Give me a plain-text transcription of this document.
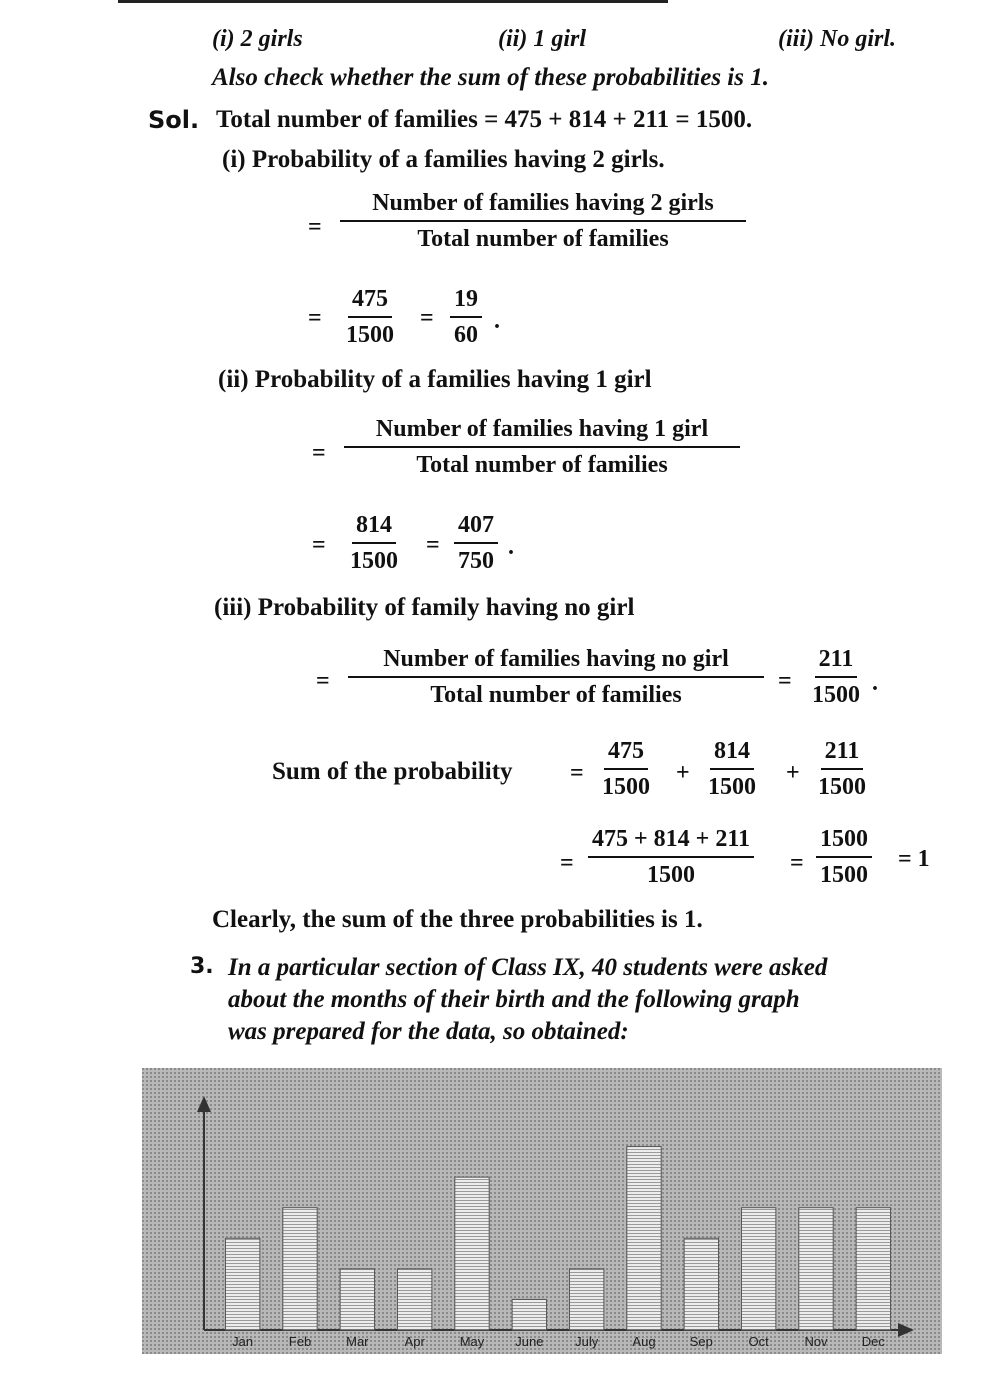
(i) 2 girls	(ii) 1 girl	(iii) No girl.
Also check whether the sum of these probabilities is 1.
Sol. Total number of families = 475 + 814 + 211 = 1500.
(i) Probability of a families having 2 girls.
=
Number of families having 2 girls
Total number of families
= $\frac{475}{1500} = \frac{19}{60}$ .
(ii) Probability of a families having 1 girl
=
Number of families having 1 girl
Total number of families
= $\frac{814}{1500} = \frac{407}{750}$ .
(iii) Probability of family having no girl
=
Number of families having no girl
Total number of families
= $\frac{211}{1500}$ .
Sum of the probability = $\frac{475}{1500} + \frac{814}{1500} + \frac{211}{1500}$
= $\frac{475 + 814 + 211}{1500} = \frac{1500}{1500} = 1$
Clearly, the sum of the three probabilities is 1.
3. In a particular section of Class IX, 40 students were asked
about the months of their birth and the following graph
was prepared for the data, so obtained:
Jan	Feb	Mar	Apr	May June July	Aug	Sep	Oct	Nov	Dec
